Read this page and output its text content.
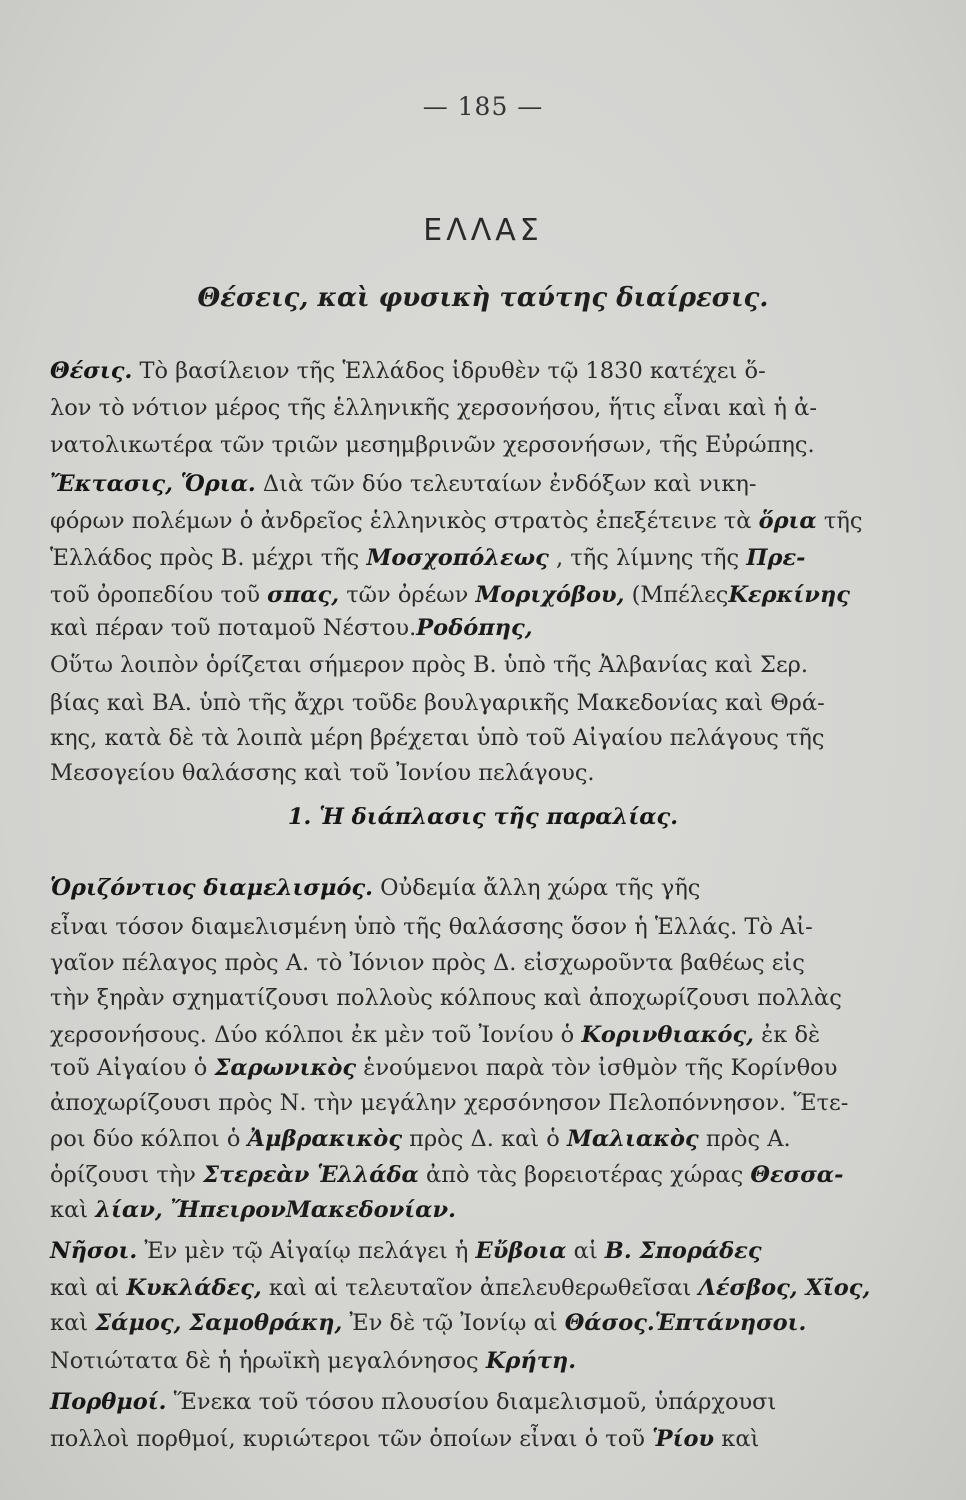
— 185 —
ΕΛΛΑΣ
Θέσεις, καὶ φυσικὴ ταύτης διαίρεσις.
Θέσις. Τὸ βασίλειον τῆς Ἑλλάδος ἱδρυθὲν τῷ 1830 κατέχει ὅ-
λον τὸ νότιον μέρος τῆς ἑλληνικῆς χερσονήσου, ἥτις εἶναι καὶ ἡ ἀ-
νατολικωτέρα τῶν τριῶν μεσημβρινῶν χερσονήσων, τῆς Εὐρώπης.
Ἔκτασις, Ὅρια. Διὰ τῶν δύο τελευταίων ἐνδόξων καὶ νικη-
φόρων πολέμων ὁ ἀνδρεῖος ἑλληνικὸς στρατὸς ἐπεξέτεινε τὰ ὅρια τῆς
Ἑλλάδος πρὸς Β. μέχρι τῆς Μοσχοπόλεως , τῆς λίμνης τῆς Πρε-
τοῦ ὀροπεδίου τοῦ σπας, τῶν ὀρέων Μοριχόβου, (ΜπέλεςΚερκίνης
καὶ πέραν τοῦ ποταμοῦ Νέστου.Ροδόπης,
Οὕτω λοιπὸν ὁρίζεται σήμερον πρὸς Β. ὑπὸ τῆς Ἀλβανίας καὶ Σερ.
βίας καὶ ΒΑ. ὑπὸ τῆς ἄχρι τοῦδε βουλγαρικῆς Μακεδονίας καὶ Θρά-
κης, κατὰ δὲ τὰ λοιπὰ μέρη βρέχεται ὑπὸ τοῦ Αἰγαίου πελάγους τῆς
Μεσογείου θαλάσσης καὶ τοῦ Ἰονίου πελάγους.
1. Ἡ διάπλασις τῆς παραλίας.
Ὁριζόντιος διαμελισμός. Οὐδεμία ἄλλη χώρα τῆς γῆς
εἶναι τόσον διαμελισμένη ὑπὸ τῆς θαλάσσης ὅσον ἡ Ἑλλάς. Τὸ Αἰ-
γαῖον πέλαγος πρὸς Α. τὸ Ἰόνιον πρὸς Δ. εἰσχωροῦντα βαθέως εἰς
τὴν ξηρὰν σχηματίζουσι πολλοὺς κόλπους καὶ ἀποχωρίζουσι πολλὰς
χερσονήσους. Δύο κόλποι ἐκ μὲν τοῦ Ἰονίου ὁ Κορινθιακός, ἐκ δὲ
τοῦ Αἰγαίου ὁ Σαρωνικὸς ἑνούμενοι παρὰ τὸν ἰσθμὸν τῆς Κορίνθου
ἀποχωρίζουσι πρὸς Ν. τὴν μεγάλην χερσόνησον Πελοπόννησον. Ἕτε-
ροι δύο κόλποι ὁ Ἀμβρακικὸς πρὸς Δ. καὶ ὁ Μαλιακὸς πρὸς Α.
ὁρίζουσι τὴν Στερεὰν Ἑλλάδα ἀπὸ τὰς βορειοτέρας χώρας Θεσσα-
καὶ λίαν, ἬπειρονΜακεδονίαν.
Νῆσοι. Ἐν μὲν τῷ Αἰγαίῳ πελάγει ἡ Εὔβοια αἱ Β. Σποράδες
καὶ αἱ Κυκλάδες, καὶ αἱ τελευταῖον ἀπελευθερωθεῖσαι Λέσβος, Χῖος,
καὶ Σάμος, Σαμοθράκη, Ἐν δὲ τῷ Ἰονίῳ αἱ Θάσος.Ἑπτάνησοι.
Νοτιώτατα δὲ ἡ ἡρωϊκὴ μεγαλόνησος Κρήτη.
Πορθμοί. Ἕνεκα τοῦ τόσου πλουσίου διαμελισμοῦ, ὑπάρχουσι
πολλοὶ πορθμοί, κυριώτεροι τῶν ὁποίων εἶναι ὁ τοῦ Ῥίου καὶ
